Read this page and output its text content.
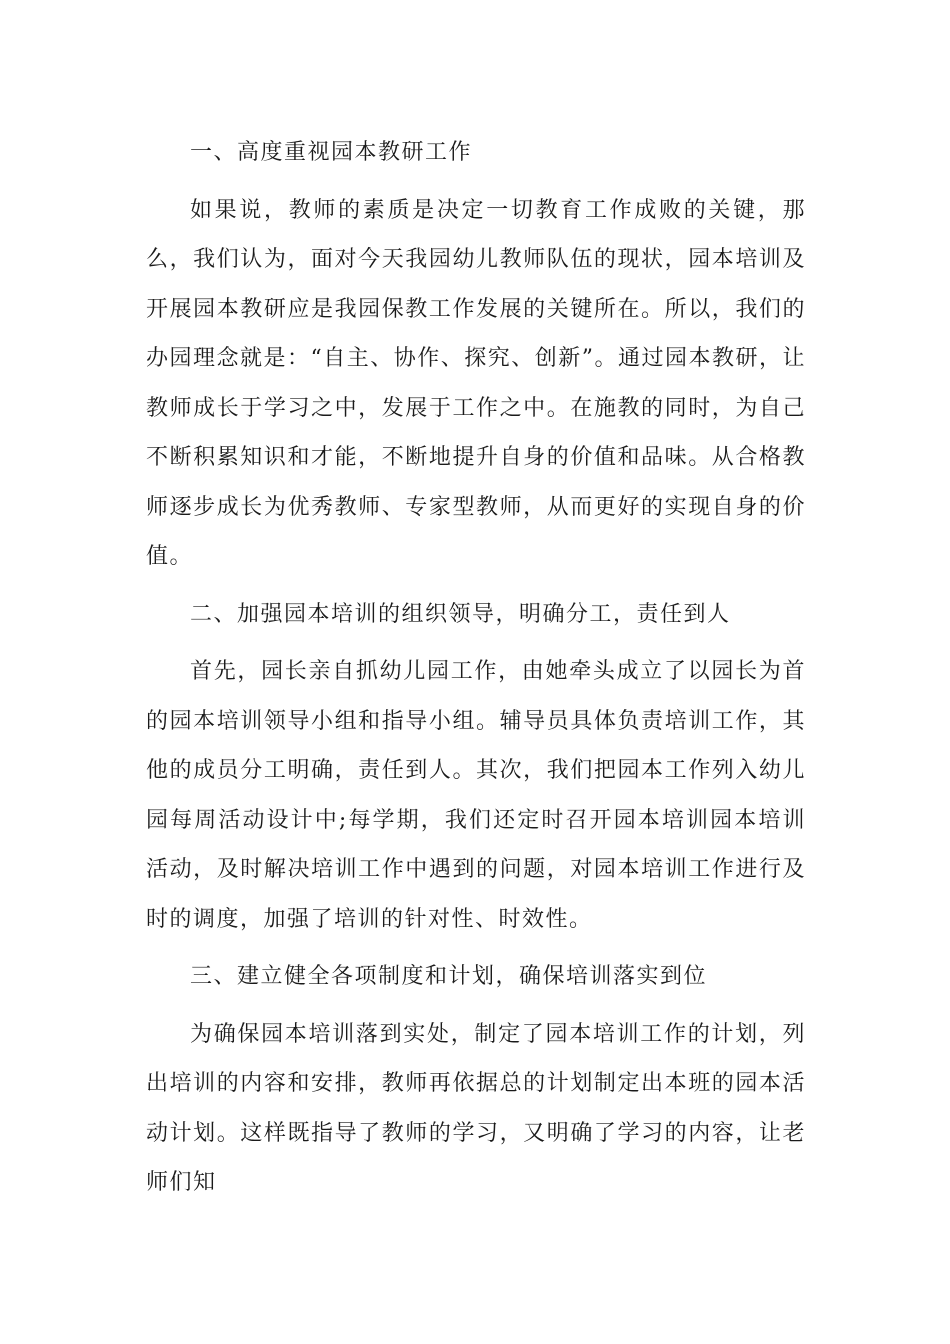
一、高度重视园本教研工作

如果说，教师的素质是决定一切教育工作成败的关键，那么，我们认为，面对今天我园幼儿教师队伍的现状，园本培训及开展园本教研应是我园保教工作发展的关键所在。所以，我们的办园理念就是：“自主、协作、探究、创新”。通过园本教研，让教师成长于学习之中，发展于工作之中。在施教的同时，为自己不断积累知识和才能，不断地提升自身的价值和品味。从合格教师逐步成长为优秀教师、专家型教师，从而更好的实现自身的价值。

二、加强园本培训的组织领导，明确分工，责任到人

首先，园长亲自抓幼儿园工作，由她牵头成立了以园长为首的园本培训领导小组和指导小组。辅导员具体负责培训工作，其他的成员分工明确，责任到人。其次，我们把园本工作列入幼儿园每周活动设计中;每学期，我们还定时召开园本培训园本培训活动，及时解决培训工作中遇到的问题，对园本培训工作进行及时的调度，加强了培训的针对性、时效性。

三、建立健全各项制度和计划，确保培训落实到位

为确保园本培训落到实处，制定了园本培训工作的计划，列出培训的内容和安排，教师再依据总的计划制定出本班的园本活动计划。这样既指导了教师的学习，又明确了学习的内容，让老师们知
